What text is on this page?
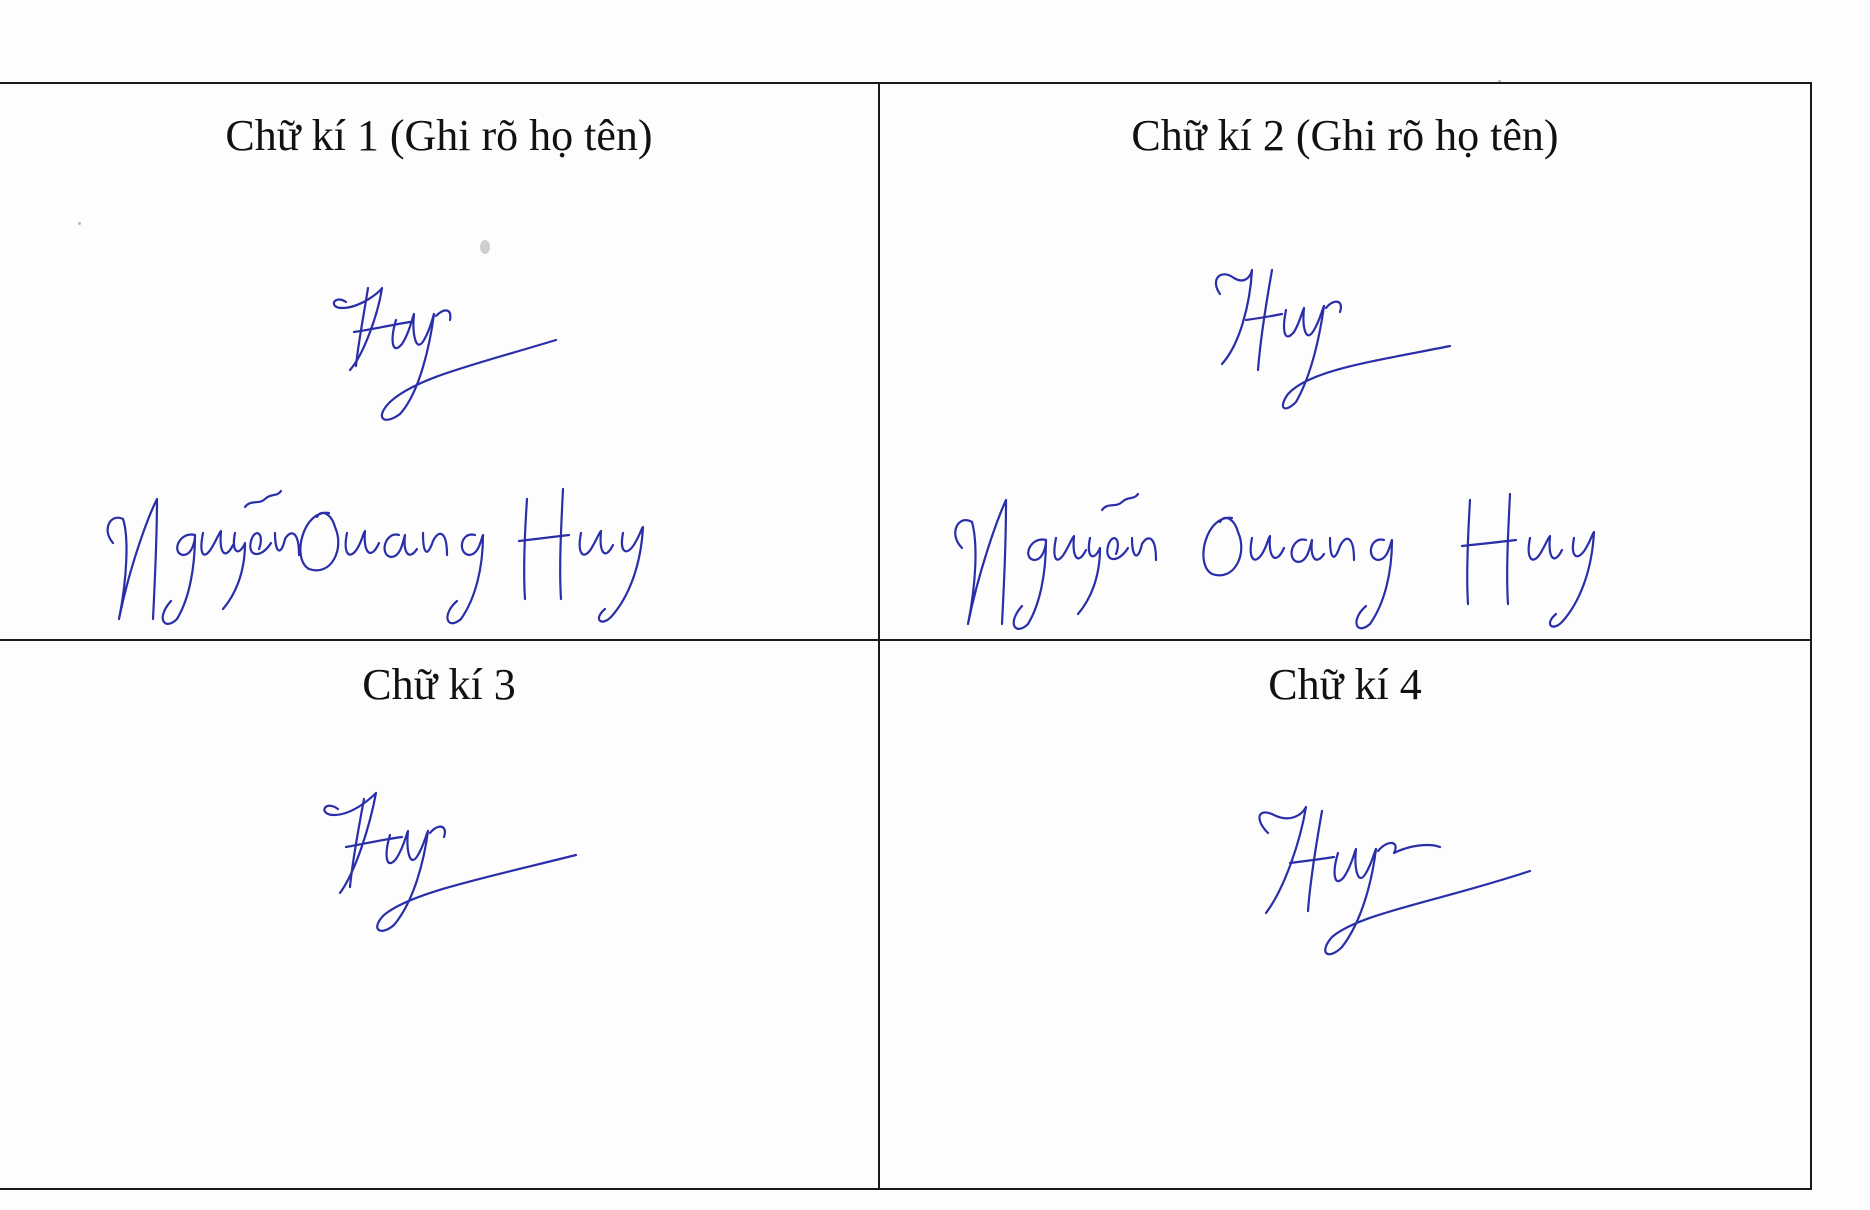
Chữ kí 1 (Ghi rõ họ tên)	Chữ kí 2 (Ghi rõ họ tên)
Chữ kí 3	Chữ kí 4
